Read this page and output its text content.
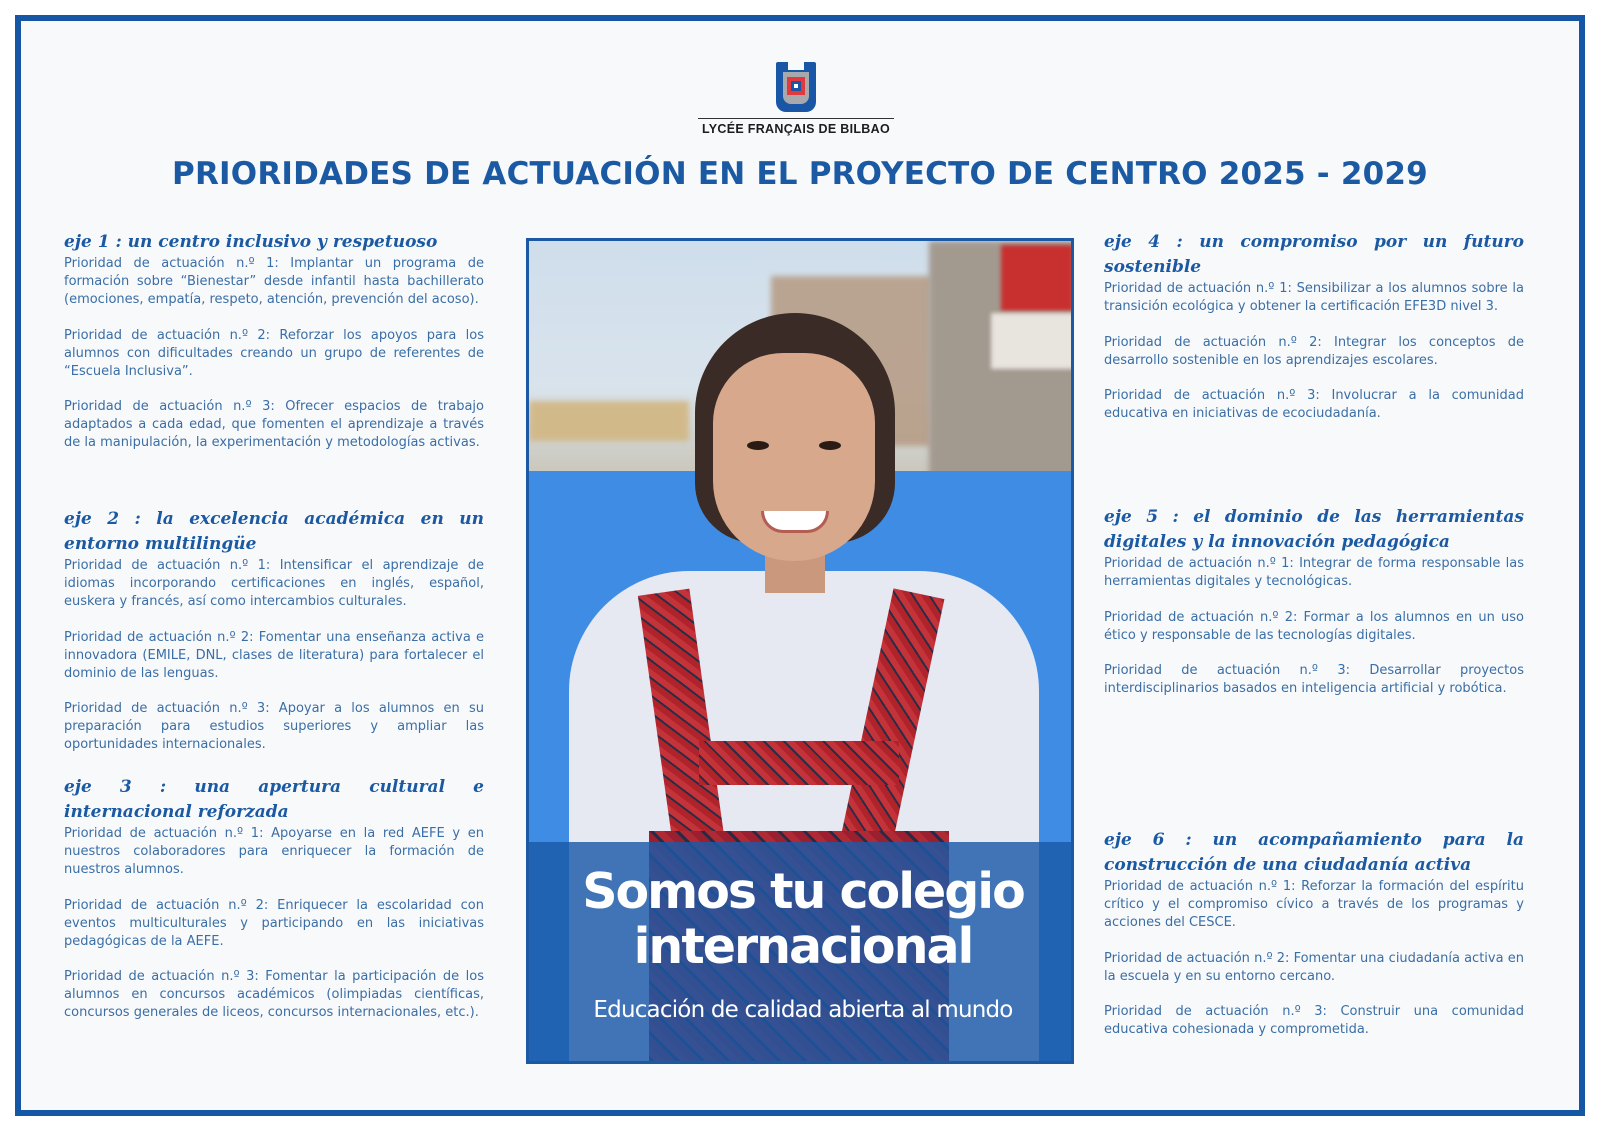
LYCÉE FRANÇAIS DE BILBAO
PRIORIDADES DE ACTUACIÓN EN EL PROYECTO DE CENTRO 2025 - 2029
eje 1 : un centro inclusivo y respetuoso

Prioridad de actuación n.º 1: Implantar un programa de formación sobre “Bienestar” desde infantil hasta bachillerato (emociones, empatía, respeto, atención, prevención del acoso).

Prioridad de actuación n.º 2: Reforzar los apoyos para los alumnos con dificultades creando un grupo de referentes de “Escuela Inclusiva”.

Prioridad de actuación n.º 3: Ofrecer espacios de trabajo adaptados a cada edad, que fomenten el aprendizaje a través de la manipulación, la experimentación y metodologías activas.

eje 2 : la excelencia académica en un entorno multilingüe

Prioridad de actuación n.º 1: Intensificar el aprendizaje de idiomas incorporando certificaciones en inglés, español, euskera y francés, así como intercambios culturales.

Prioridad de actuación n.º 2: Fomentar una enseñanza activa e innovadora (EMILE, DNL, clases de literatura) para fortalecer el dominio de las lenguas.

Prioridad de actuación n.º 3: Apoyar a los alumnos en su preparación para estudios superiores y ampliar las oportunidades internacionales.

eje 3 : una apertura cultural e internacional reforzada

Prioridad de actuación n.º 1: Apoyarse en la red AEFE y en nuestros colaboradores para enriquecer la formación de nuestros alumnos.

Prioridad de actuación n.º 2: Enriquecer la escolaridad con eventos multiculturales y participando en las iniciativas pedagógicas de la AEFE.

Prioridad de actuación n.º 3: Fomentar la participación de los alumnos en concursos académicos (olimpiadas científicas, concursos generales de liceos, concursos internacionales, etc.).

Somos tu colegio
internacional
Educación de calidad abierta al mundo
eje 4 : un compromiso por un futuro sostenible

Prioridad de actuación n.º 1: Sensibilizar a los alumnos sobre la transición ecológica y obtener la certificación EFE3D nivel 3.

Prioridad de actuación n.º 2: Integrar los conceptos de desarrollo sostenible en los aprendizajes escolares.

Prioridad de actuación n.º 3: Involucrar a la comunidad educativa en iniciativas de ecociudadanía.

eje 5 : el dominio de las herramientas digitales y la innovación pedagógica

Prioridad de actuación n.º 1: Integrar de forma responsable las herramientas digitales y tecnológicas.

Prioridad de actuación n.º 2: Formar a los alumnos en un uso ético y responsable de las tecnologías digitales.

Prioridad de actuación n.º 3: Desarrollar proyectos interdisciplinarios basados en inteligencia artificial y robótica.

eje 6 : un acompañamiento para la construcción de una ciudadanía activa

Prioridad de actuación n.º 1: Reforzar la formación del espíritu crítico y el compromiso cívico a través de los programas y acciones del CESCE.

Prioridad de actuación n.º 2: Fomentar una ciudadanía activa en la escuela y en su entorno cercano.

Prioridad de actuación n.º 3: Construir una comunidad educativa cohesionada y comprometida.
